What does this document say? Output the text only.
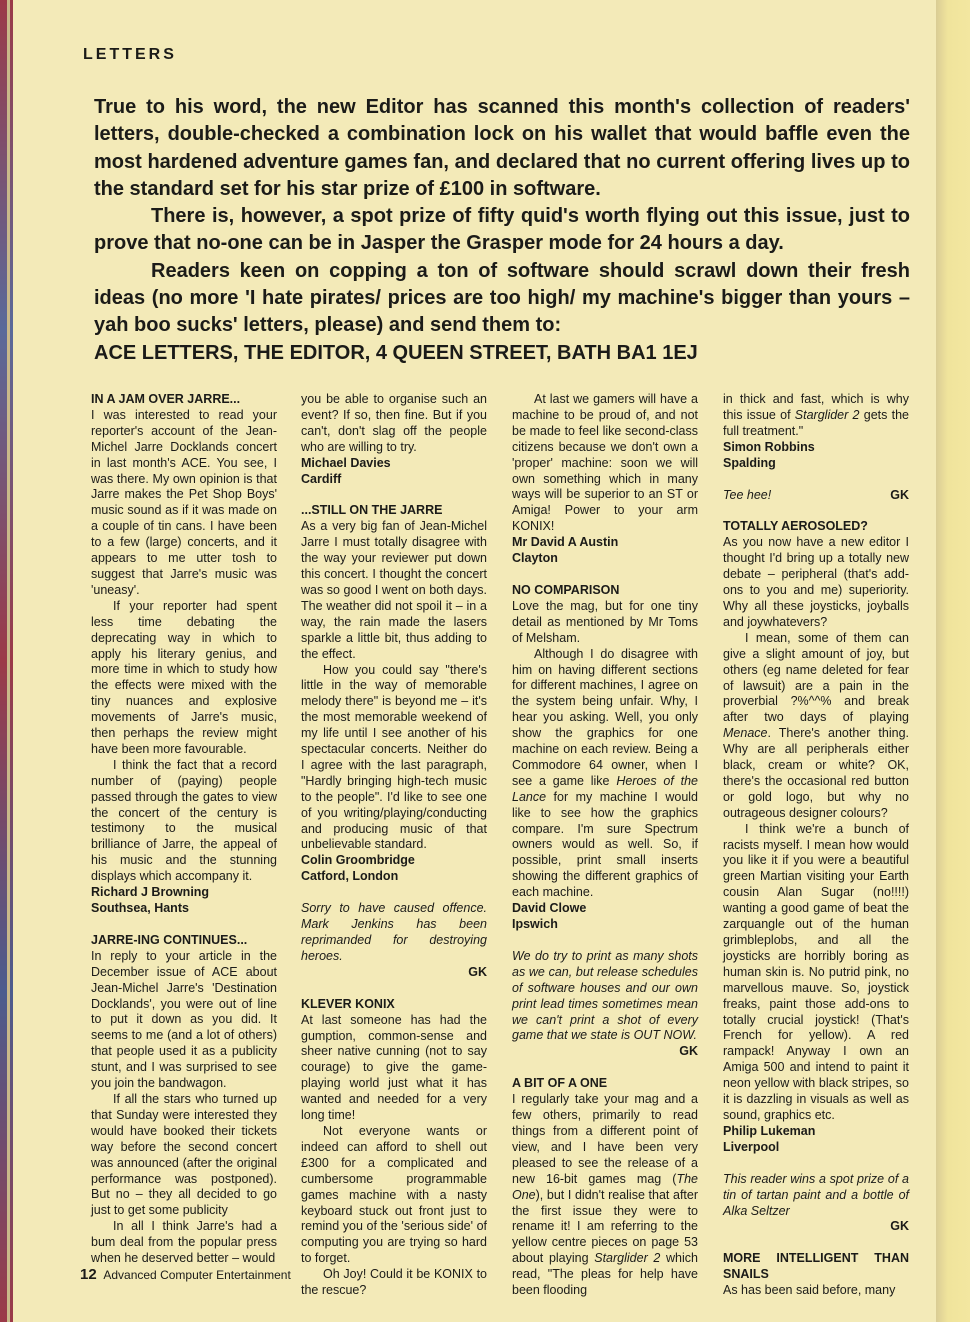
LETTERS

True to his word, the new Editor has scanned this month's collection of readers' letters, double-checked a combination lock on his wallet that would baffle even the most hardened adventure games fan, and declared that no current offering lives up to the standard set for his star prize of £100 in software.

There is, however, a spot prize of fifty quid's worth flying out this issue, just to prove that no-one can be in Jasper the Grasper mode for 24 hours a day.

Readers keen on copping a ton of software should scrawl down their fresh ideas (no more 'I hate pirates/ prices are too high/ my machine's bigger than yours – yah boo sucks' letters, please) and send them to:

ACE LETTERS, THE EDITOR, 4 QUEEN STREET, BATH BA1 1EJ

IN A JAM OVER JARRE...

I was interested to read your reporter's account of the Jean-Michel Jarre Docklands concert in last month's ACE. You see, I was there. My own opinion is that Jarre makes the Pet Shop Boys' music sound as if it was made on a couple of tin cans. I have been to a few (large) concerts, and it appears to me utter tosh to suggest that Jarre's music was 'uneasy'.

If your reporter had spent less time debating the deprecating way in which to apply his literary genius, and more time in which to study how the effects were mixed with the tiny nuances and explosive movements of Jarre's music, then perhaps the review might have been more favourable.

I think the fact that a record number of (paying) people passed through the gates to view the concert of the century is testimony to the musical brilliance of Jarre, the appeal of his music and the stunning displays which accompany it.

Richard J Browning
Southsea, Hants
JARRE-ING CONTINUES...

In reply to your article in the December issue of ACE about Jean-Michel Jarre's 'Destination Docklands', you were out of line to put it down as you did. It seems to me (and a lot of others) that people used it as a publicity stunt, and I was surprised to see you join the bandwagon.

If all the stars who turned up that Sunday were interested they would have booked their tickets way before the second concert was announced (after the original performance was postponed). But no – they all decided to go just to get some publicity

In all I think Jarre's had a bum deal from the popular press when he deserved better – would

you be able to organise such an event? If so, then fine. But if you can't, don't slag off the people who are willing to try.

Michael Davies
Cardiff
...STILL ON THE JARRE

As a very big fan of Jean-Michel Jarre I must totally disagree with the way your reviewer put down this concert. I thought the concert was so good I went on both days. The weather did not spoil it – in a way, the rain made the lasers sparkle a little bit, thus adding to the effect.

How you could say "there's little in the way of memorable melody there" is beyond me – it's the most memorable weekend of my life until I see another of his spectacular concerts. Neither do I agree with the last paragraph, "Hardly bringing high-tech music to the people". I'd like to see one of you writing/playing/conducting and producing music of that unbelievable standard.

Colin Groombridge
Catford, London

Sorry to have caused offence. Mark Jenkins has been reprimanded for destroying heroes.

GK
KLEVER KONIX

At last someone has had the gumption, common-sense and sheer native cunning (not to say courage) to give the game-playing world just what it has wanted and needed for a very long time!

Not everyone wants or indeed can afford to shell out £300 for a complicated and cumbersome programmable games machine with a nasty keyboard stuck out front just to remind you of the 'serious side' of computing you are trying so hard to forget.

Oh Joy! Could it be KONIX to the rescue?

At last we gamers will have a machine to be proud of, and not be made to feel like second-class citizens because we don't own a 'proper' machine: soon we will own something which in many ways will be superior to an ST or Amiga! Power to your arm KONIX!

Mr David A Austin
Clayton
NO COMPARISON

Love the mag, but for one tiny detail as mentioned by Mr Toms of Melsham.

Although I do disagree with him on having different sections for different machines, I agree on the system being unfair. Why, I hear you asking. Well, you only show the graphics for one machine on each review. Being a Commodore 64 owner, when I see a game like Heroes of the Lance for my machine I would like to see how the graphics compare. I'm sure Spectrum owners would as well. So, if possible, print small inserts showing the different graphics of each machine.

David Clowe
Ipswich

We do try to print as many shots as we can, but release schedules of software houses and our own print lead times sometimes mean we can't print a shot of every game that we state is OUT NOW.

GK
A BIT OF A ONE

I regularly take your mag and a few others, primarily to read things from a different point of view, and I have been very pleased to see the release of a new 16-bit games mag (The One), but I didn't realise that after the first issue they were to rename it! I am referring to the yellow centre pieces on page 53 about playing Starglider 2 which read, "The pleas for help have been flooding

in thick and fast, which is why this issue of Starglider 2 gets the full treatment."

Simon Robbins
Spalding
Tee hee!	GK
TOTALLY AEROSOLED?

As you now have a new editor I thought I'd bring up a totally new debate – peripheral (that's add-ons to you and me) superiority. Why all these joysticks, joyballs and joywhatevers?

I mean, some of them can give a slight amount of joy, but others (eg name deleted for fear of lawsuit) are a pain in the proverbial ?%^^% and break after two days of playing Menace. There's another thing. Why are all peripherals either black, cream or white? OK, there's the occasional red button or gold logo, but why no outrageous designer colours?

I think we're a bunch of racists myself. I mean how would you like it if you were a beautiful green Martian visiting your Earth cousin Alan Sugar (no!!!!) wanting a good game of beat the zarquangle out of the human grimbleplobs, and all the joysticks are horribly boring as human skin is. No putrid pink, no marvellous mauve. So, joystick freaks, paint those add-ons to totally crucial joystick! (That's French for yellow). A red rampack! Anyway I own an Amiga 500 and intend to paint it neon yellow with black stripes, so it is dazzling in visuals as well as sound, graphics etc.

Philip Lukeman
Liverpool

This reader wins a spot prize of a tin of tartan paint and a bottle of Alka Seltzer

GK
MORE INTELLIGENT THAN SNAILS

As has been said before, many

12 Advanced Computer Entertainment
